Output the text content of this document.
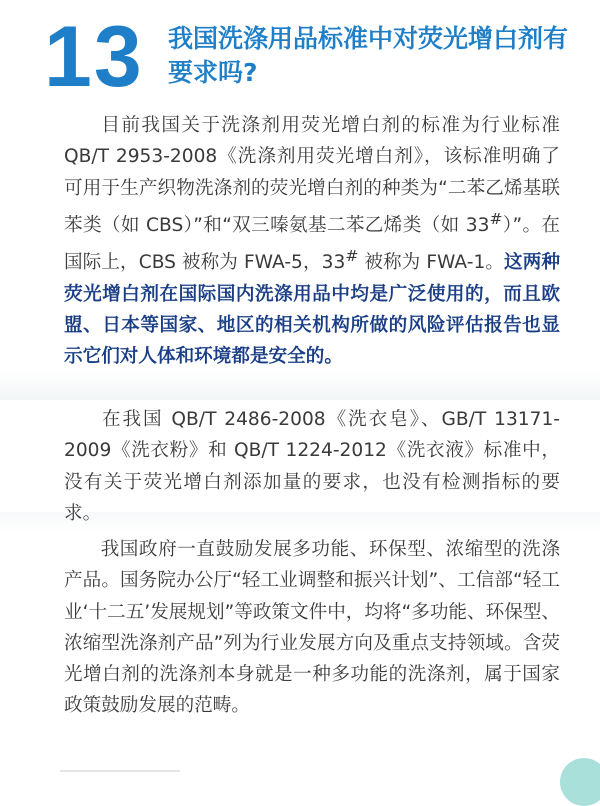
13 我国洗涤用品标准中对荧光增白剂有要求吗?
目前我国关于洗涤剂用荧光增白剂的标准为行业标准 QB/T 2953-2008《洗涤剂用荧光增白剂》，该标准明确了可用于生产织物洗涤剂的荧光增白剂的种类为“二苯乙烯基联苯类（如 CBS）”和“双三嗪氨基二苯乙烯类（如 33#）”。在国际上，CBS 被称为 FWA-5，33# 被称为 FWA-1。这两种荧光增白剂在国际国内洗涤用品中均是广泛使用的，而且欧盟、日本等国家、地区的相关机构所做的风险评估报告也显示它们对人体和环境都是安全的。
在我国 QB/T 2486-2008《洗衣皂》、GB/T 13171-2009《洗衣粉》和 QB/T 1224-2012《洗衣液》标准中，没有关于荧光增白剂添加量的要求，也没有检测指标的要求。
我国政府一直鼓励发展多功能、环保型、浓缩型的洗涤产品。国务院办公厅“轻工业调整和振兴计划”、工信部“轻工业‘十二五’发展规划”等政策文件中，均将“多功能、环保型、浓缩型洗涤剂产品”列为行业发展方向及重点支持领域。含荧光增白剂的洗涤剂本身就是一种多功能的洗涤剂，属于国家政策鼓励发展的范畴。
